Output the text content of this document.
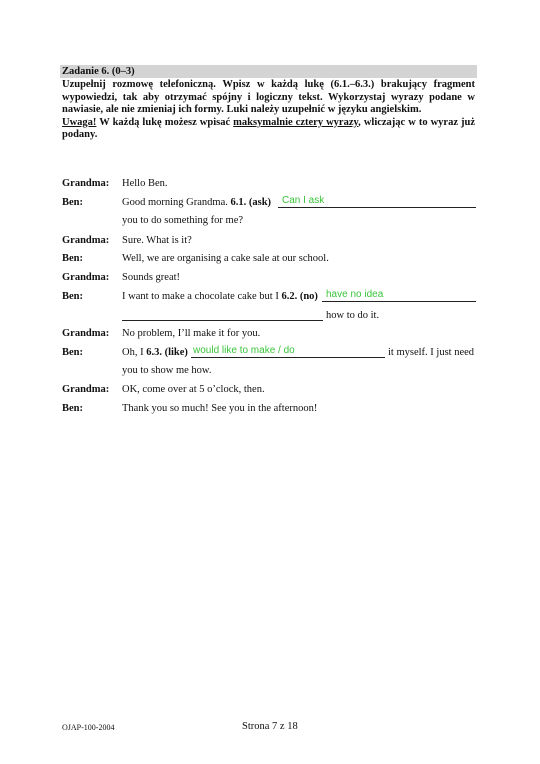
Zadanie 6. (0–3)

Uzupełnij rozmowę telefoniczną. Wpisz w każdą lukę (6.1.–6.3.) brakujący fragment wypowiedzi, tak aby otrzymać spójny i logiczny tekst. Wykorzystaj wyrazy podane w nawiasie, ale nie zmieniaj ich formy. Luki należy uzupełnić w języku angielskim.

Uwaga! W każdą lukę możesz wpisać maksymalnie cztery wyrazy, wliczając w to wyraz już podany.

Grandma: Hello Ben.
Ben:	Good morning Grandma. 6.1. (ask) Can I ask
you to do something for me?
Grandma: Sure. What is it?
Ben:	Well, we are organising a cake sale at our school.
Grandma: Sounds great!
Ben:	I want to make a chocolate cake but I 6.2. (no) have no idea
how to do it.
Grandma: No problem, I’ll make it for you.
Ben:	Oh, I 6.3. (like) would like to make / do	it myself. I just need
you to show me how.
Grandma: OK, come over at 5 o’clock, then.
Ben:	Thank you so much! See you in the afternoon!
OJAP-100-2004	Strona 7 z 18
